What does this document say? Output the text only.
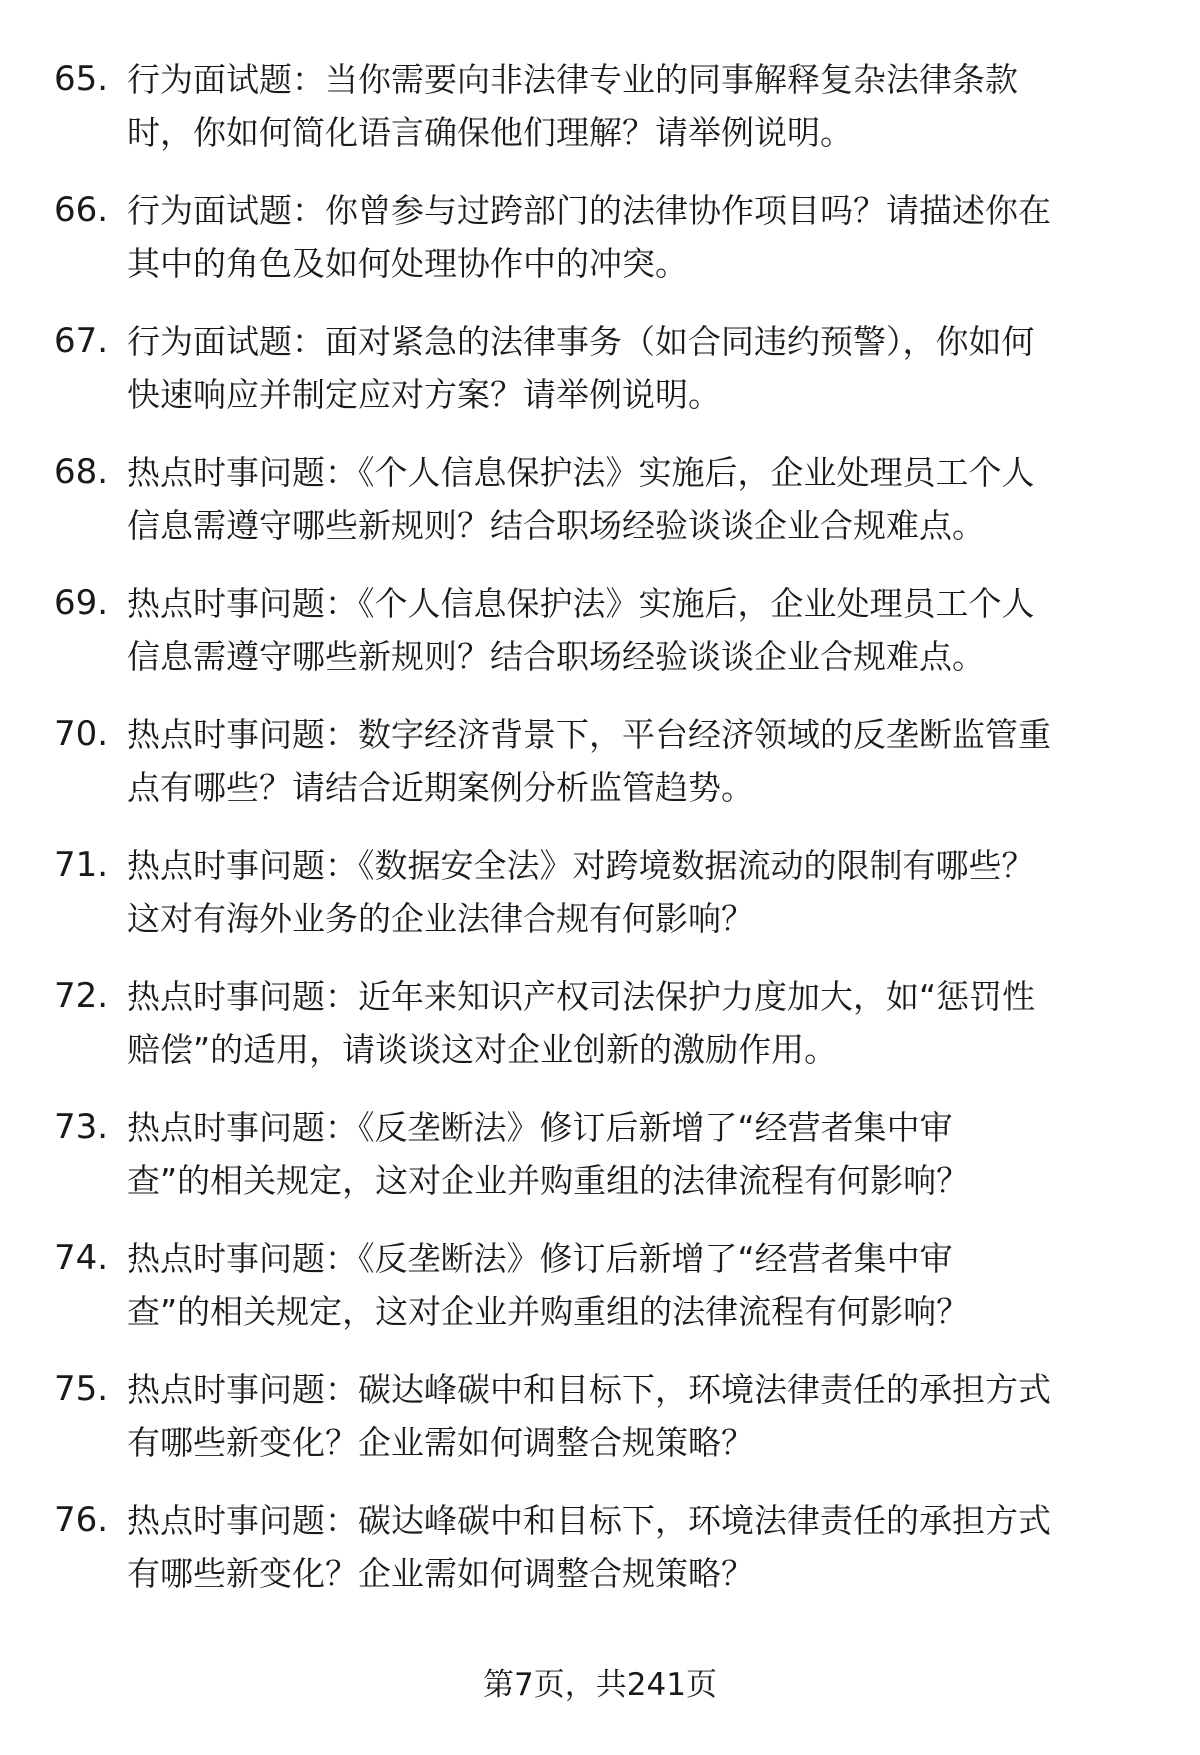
65. 行为面试题：当你需要向非法律专业的同事解释复杂法律条款
时，你如何简化语言确保他们理解？请举例说明。
66. 行为面试题：你曾参与过跨部门的法律协作项目吗？请描述你在
其中的角色及如何处理协作中的冲突。
67. 行为面试题：面对紧急的法律事务（如合同违约预警），你如何
快速响应并制定应对方案？请举例说明。
68. 热点时事问题：《个人信息保护法》实施后，企业处理员工个人
信息需遵守哪些新规则？结合职场经验谈谈企业合规难点。
69. 热点时事问题：《个人信息保护法》实施后，企业处理员工个人
信息需遵守哪些新规则？结合职场经验谈谈企业合规难点。
70. 热点时事问题：数字经济背景下，平台经济领域的反垄断监管重
点有哪些？请结合近期案例分析监管趋势。
71. 热点时事问题：《数据安全法》对跨境数据流动的限制有哪些？
这对有海外业务的企业法律合规有何影响？
72. 热点时事问题：近年来知识产权司法保护力度加大，如“惩罚性
赔偿”的适用，请谈谈这对企业创新的激励作用。
73. 热点时事问题：《反垄断法》修订后新增了“经营者集中审
查”的相关规定，这对企业并购重组的法律流程有何影响？
74. 热点时事问题：《反垄断法》修订后新增了“经营者集中审
查”的相关规定，这对企业并购重组的法律流程有何影响？
75. 热点时事问题：碳达峰碳中和目标下，环境法律责任的承担方式
有哪些新变化？企业需如何调整合规策略？
76. 热点时事问题：碳达峰碳中和目标下，环境法律责任的承担方式
有哪些新变化？企业需如何调整合规策略？
第7页，共241页
